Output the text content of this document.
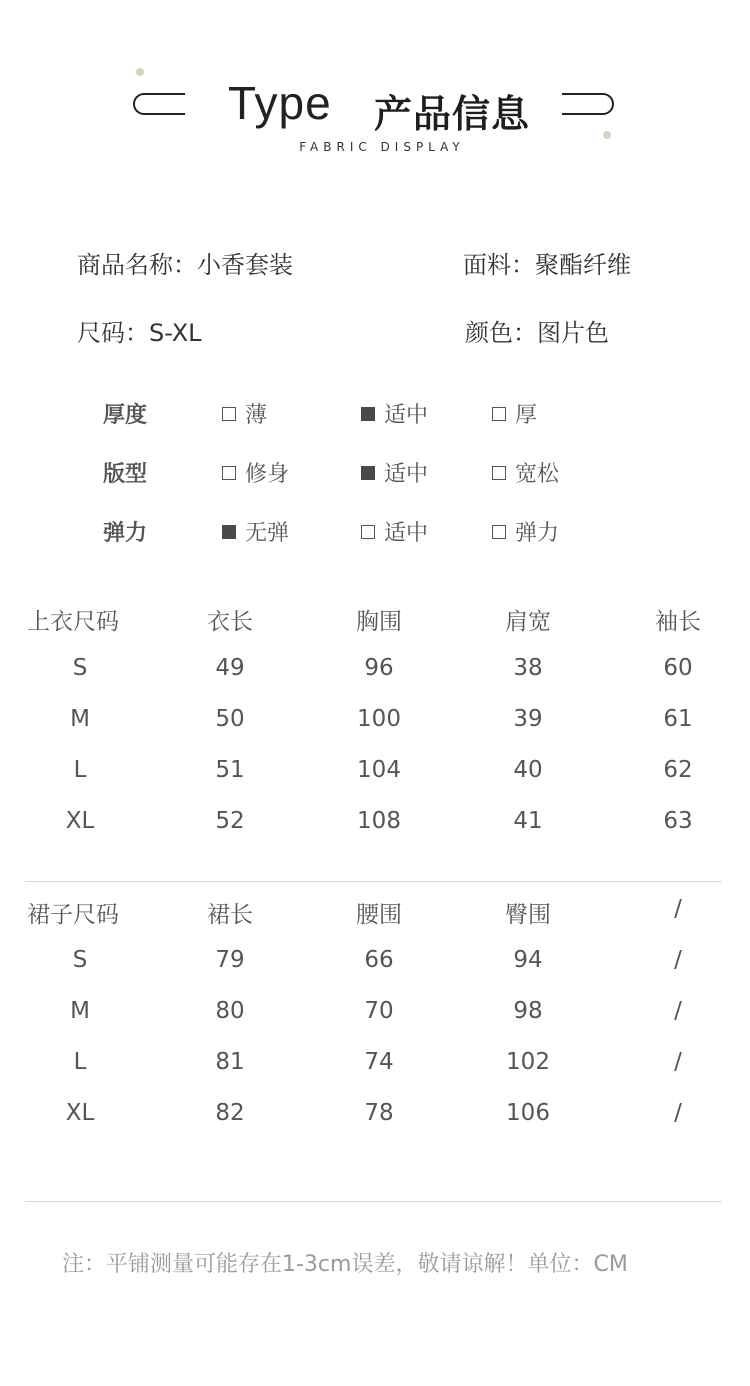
Type 产品信息
FABRIC DISPLAY
商品名称：小香套装	面料：聚酯纤维
尺码：S-XL	颜色：图片色
厚度	薄	适中	厚
版型	修身	适中	宽松
弹力	无弹	适中	弹力
上衣尺码	衣长	胸围	肩宽	袖长
S	49	96	38	60
M	50	100	39	61
L	51	104	40	62
XL	52	108	41	63
裙子尺码	裙长	腰围	臀围	/
S	79	66	94	/
M	80	70	98	/
L	81	74	102	/
XL	82	78	106	/
注：平铺测量可能存在1-3cm误差，敬请谅解！单位：CM
